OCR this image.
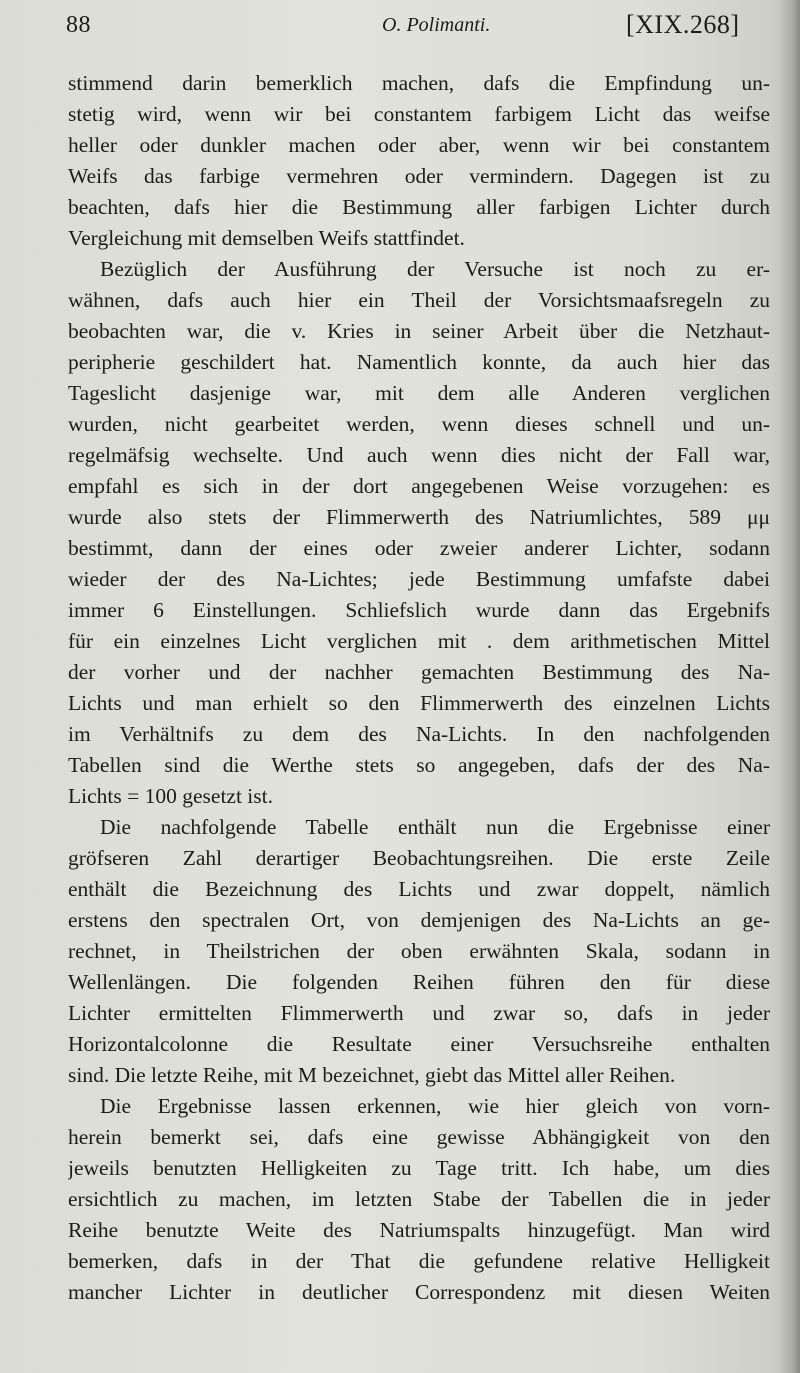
88	O. Polimanti.	[XIX.268]
stimmend darin bemerklich machen, dafs die Empfindung un-
stetig wird, wenn wir bei constantem farbigem Licht das weifse
heller oder dunkler machen oder aber, wenn wir bei constantem
Weifs das farbige vermehren oder vermindern. Dagegen ist zu
beachten, dafs hier die Bestimmung aller farbigen Lichter durch
Vergleichung mit demselben Weifs stattfindet.
Bezüglich der Ausführung der Versuche ist noch zu er-
wähnen, dafs auch hier ein Theil der Vorsichtsmaafsregeln zu
beobachten war, die v. Kries in seiner Arbeit über die Netzhaut-
peripherie geschildert hat. Namentlich konnte, da auch hier das
Tageslicht dasjenige war, mit dem alle Anderen verglichen
wurden, nicht gearbeitet werden, wenn dieses schnell und un-
regelmäfsig wechselte. Und auch wenn dies nicht der Fall war,
empfahl es sich in der dort angegebenen Weise vorzugehen: es
wurde also stets der Flimmerwerth des Natriumlichtes, 589 μμ
bestimmt, dann der eines oder zweier anderer Lichter, sodann
wieder der des Na-Lichtes; jede Bestimmung umfafste dabei
immer 6 Einstellungen. Schliefslich wurde dann das Ergebnifs
für ein einzelnes Licht verglichen mit . dem arithmetischen Mittel
der vorher und der nachher gemachten Bestimmung des Na-
Lichts und man erhielt so den Flimmerwerth des einzelnen Lichts
im Verhältnifs zu dem des Na-Lichts. In den nachfolgenden
Tabellen sind die Werthe stets so angegeben, dafs der des Na-
Lichts = 100 gesetzt ist.
Die nachfolgende Tabelle enthält nun die Ergebnisse einer
gröfseren Zahl derartiger Beobachtungsreihen. Die erste Zeile
enthält die Bezeichnung des Lichts und zwar doppelt, nämlich
erstens den spectralen Ort, von demjenigen des Na-Lichts an ge-
rechnet, in Theilstrichen der oben erwähnten Skala, sodann in
Wellenlängen. Die folgenden Reihen führen den für diese
Lichter ermittelten Flimmerwerth und zwar so, dafs in jeder
Horizontalcolonne die Resultate einer Versuchsreihe enthalten
sind. Die letzte Reihe, mit M bezeichnet, giebt das Mittel aller Reihen.
Die Ergebnisse lassen erkennen, wie hier gleich von vorn-
herein bemerkt sei, dafs eine gewisse Abhängigkeit von den
jeweils benutzten Helligkeiten zu Tage tritt. Ich habe, um dies
ersichtlich zu machen, im letzten Stabe der Tabellen die in jeder
Reihe benutzte Weite des Natriumspalts hinzugefügt. Man wird
bemerken, dafs in der That die gefundene relative Helligkeit
mancher Lichter in deutlicher Correspondenz mit diesen Weiten
